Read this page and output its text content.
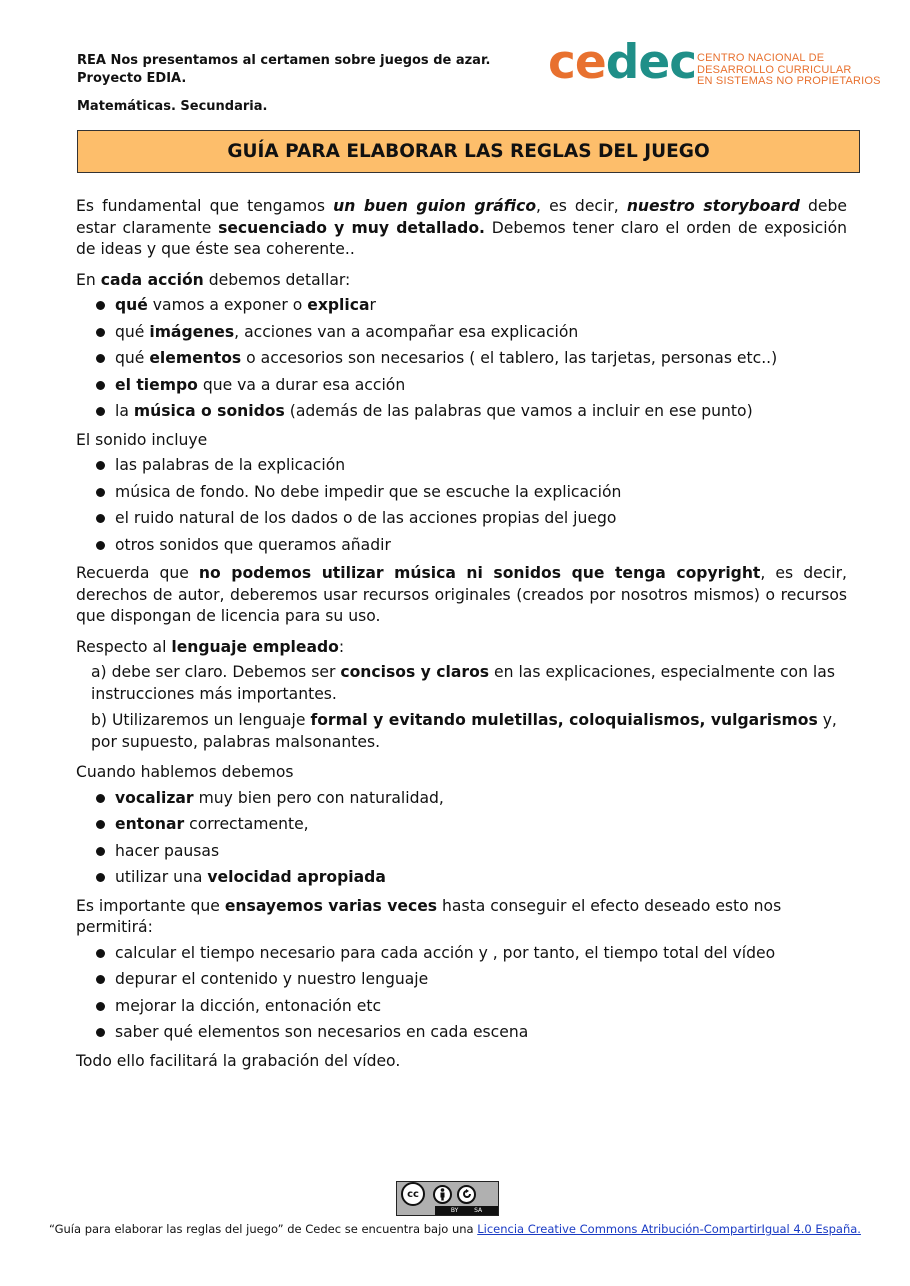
REA Nos presentamos al certamen sobre juegos de azar.
Proyecto EDIA.
Matemáticas. Secundaria.
cedec CENTRO NACIONAL DE
DESARROLLO CURRICULAR
EN SISTEMAS NO PROPIETARIOS
GUÍA PARA ELABORAR LAS REGLAS DEL JUEGO

Es fundamental que tengamos un buen guion gráfico, es decir, nuestro storyboard debe estar claramente secuenciado y muy detallado. Debemos tener claro el orden de exposición de ideas y que éste sea coherente..

En cada acción debemos detallar:

qué vamos a exponer o explicar
qué imágenes, acciones van a acompañar esa explicación
qué elementos o accesorios son necesarios ( el tablero, las tarjetas, personas etc..)
el tiempo que va a durar esa acción
la música o sonidos (además de las palabras que vamos a incluir en ese punto)

El sonido incluye

las palabras de la explicación
música de fondo. No debe impedir que se escuche la explicación
el ruido natural de los dados o de las acciones propias del juego
otros sonidos que queramos añadir

Recuerda que no podemos utilizar música ni sonidos que tenga copyright, es decir, derechos de autor, deberemos usar recursos originales (creados por nosotros mismos) o recursos que dispongan de licencia para su uso.

Respecto al lenguaje empleado:

a) debe ser claro. Debemos ser concisos y claros en las explicaciones, especialmente con las instrucciones más importantes.

b) Utilizaremos un lenguaje formal y evitando muletillas, coloquialismos, vulgarismos y, por supuesto, palabras malsonantes.

Cuando hablemos debemos

vocalizar muy bien pero con naturalidad,
entonar correctamente,
hacer pausas
utilizar una velocidad apropiada

Es importante que ensayemos varias veces hasta conseguir el efecto deseado esto nos permitirá:

calcular el tiempo necesario para cada acción y , por tanto, el tiempo total del vídeo
depurar el contenido y nuestro lenguaje
mejorar la dicción, entonación etc
saber qué elementos son necesarios en cada escena

Todo ello facilitará la grabación del vídeo.

cc
BY	SA
“Guía para elaborar las reglas del juego” de Cedec se encuentra bajo una Licencia Creative Commons Atribución-CompartirIgual 4.0 España.
